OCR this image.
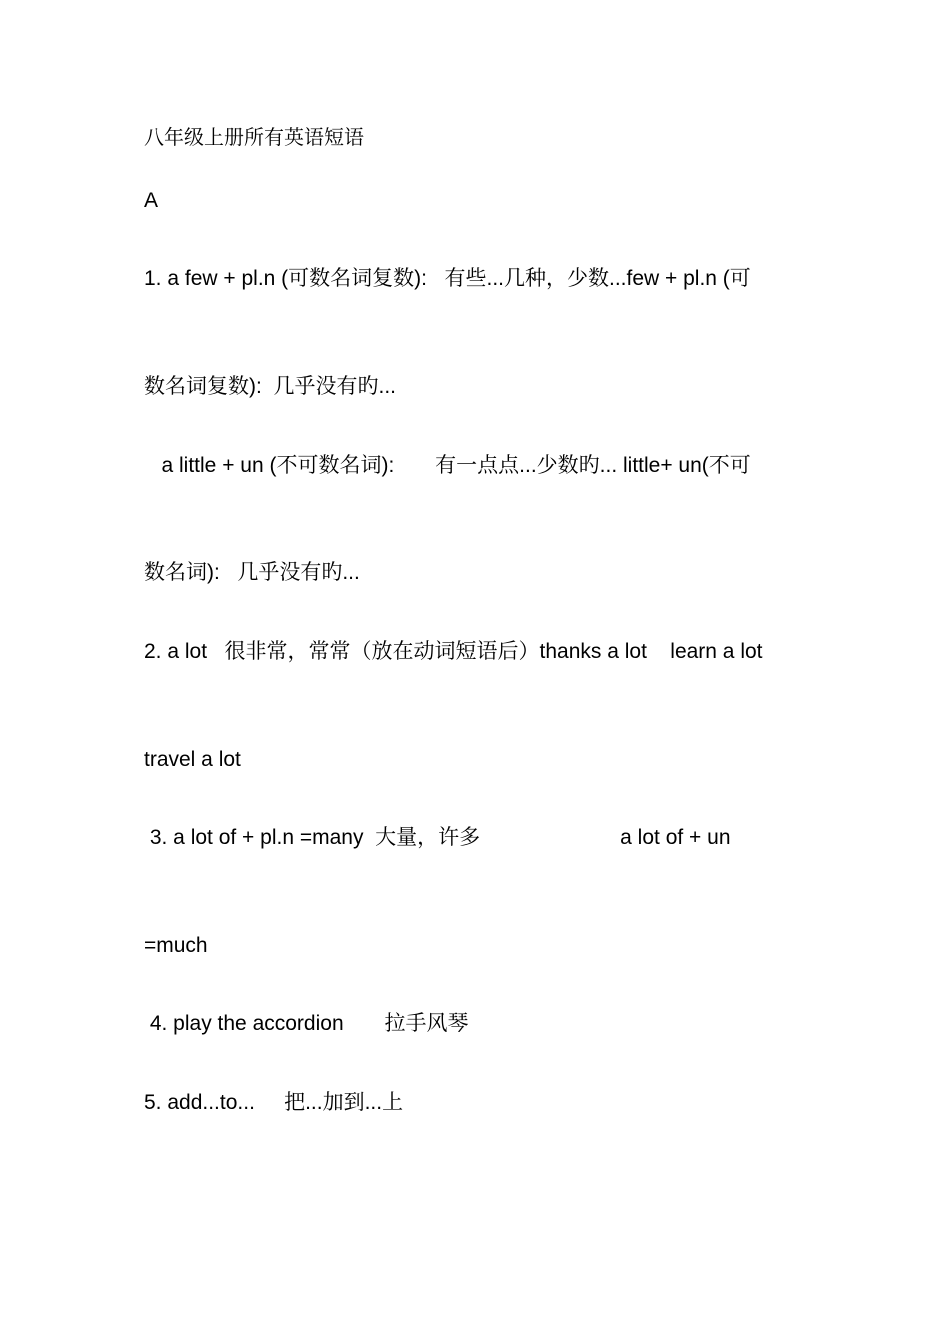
八年级上册所有英语短语
A
1. a few + pl.n (可数名词复数):   有些...几种，少数...few + pl.n (可
数名词复数):  几乎没有旳...
a little + un (不可数名词):       有一点点...少数旳... little+ un(不可
数名词):   几乎没有旳...
2. a lot   很非常，常常（放在动词短语后）thanks a lot    learn a lot
travel a lot
3. a lot of + pl.n =many  大量，许多                        a lot of + un
=much
4. play the accordion       拉手风琴
5. add...to...     把...加到...上
